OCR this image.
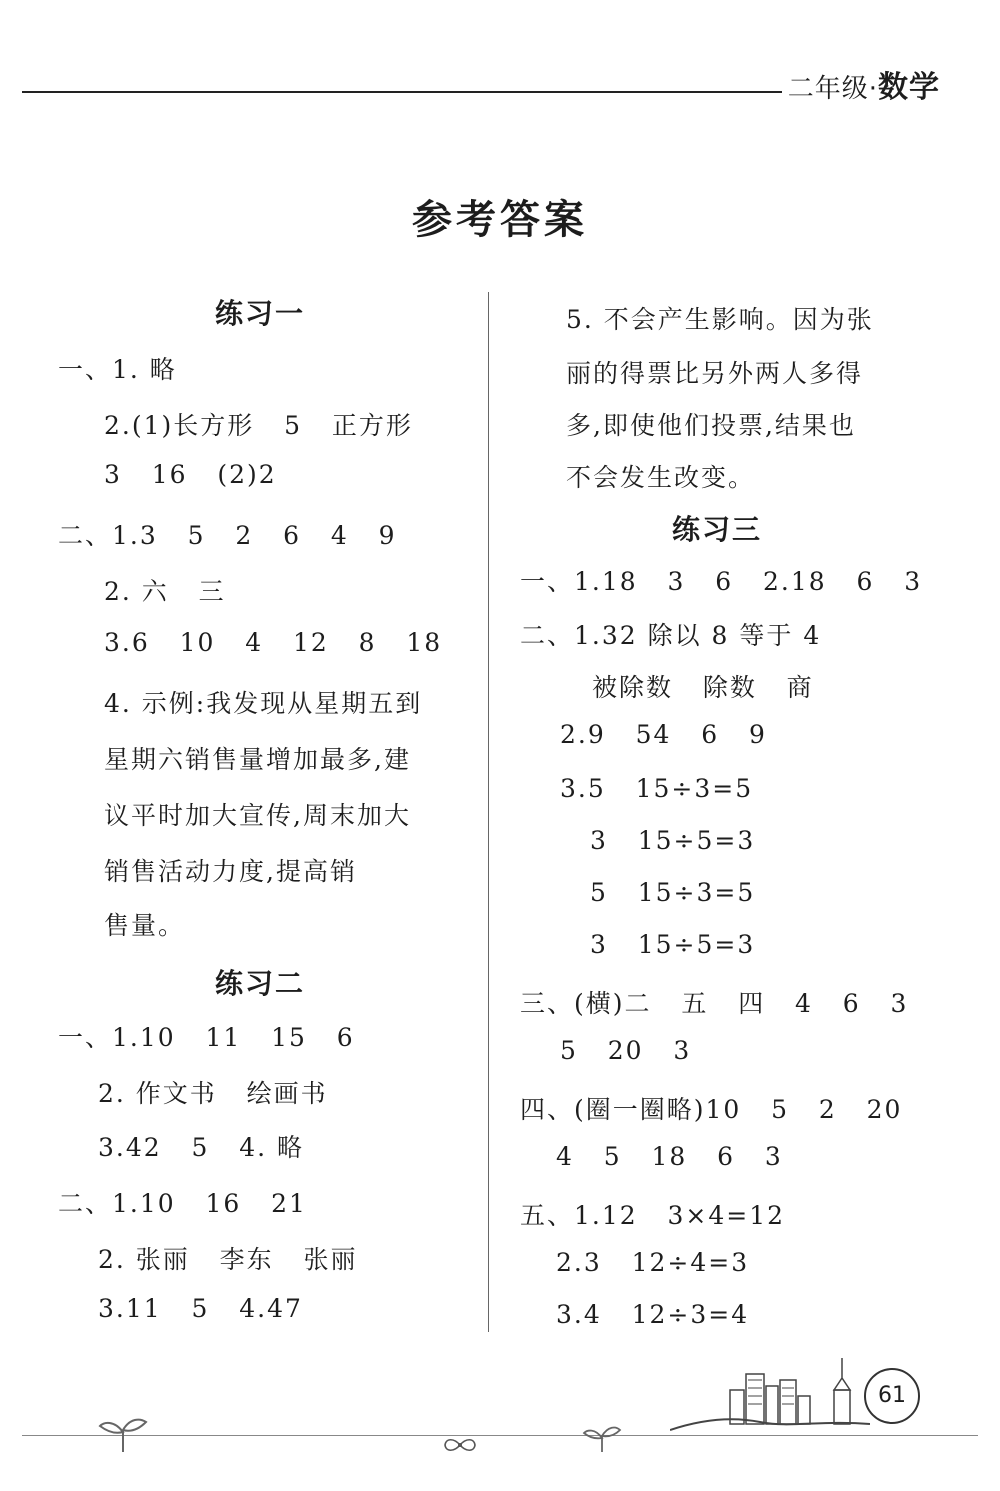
二年级·数学
参考答案
练习一
一、1. 略
2.(1)长方形   5   正方形
3   16   (2)2
二、1.3   5   2   6   4   9
2. 六   三
3.6   10   4   12   8   18
4. 示例:我发现从星期五到
星期六销售量增加最多,建
议平时加大宣传,周末加大
销售活动力度,提高销
售量。
练习二
一、1.10   11   15   6
2. 作文书   绘画书
3.42   5   4. 略
二、1.10   16   21
2. 张丽   李东   张丽
3.11   5   4.47
5. 不会产生影响。因为张
丽的得票比另外两人多得
多,即使他们投票,结果也
不会发生改变。
练习三
一、1.18   3   6   2.18   6   3
二、1.32 除以 8 等于 4
被除数   除数   商
2.9   54   6   9
3.5   15÷3=5
3   15÷5=3
5   15÷3=5
3   15÷5=3
三、(横)二   五   四   4   6   3
5   20   3
四、(圈一圈略)10   5   2   20
4   5   18   6   3
五、1.12   3×4=12
2.3   12÷4=3
3.4   12÷3=4
61
